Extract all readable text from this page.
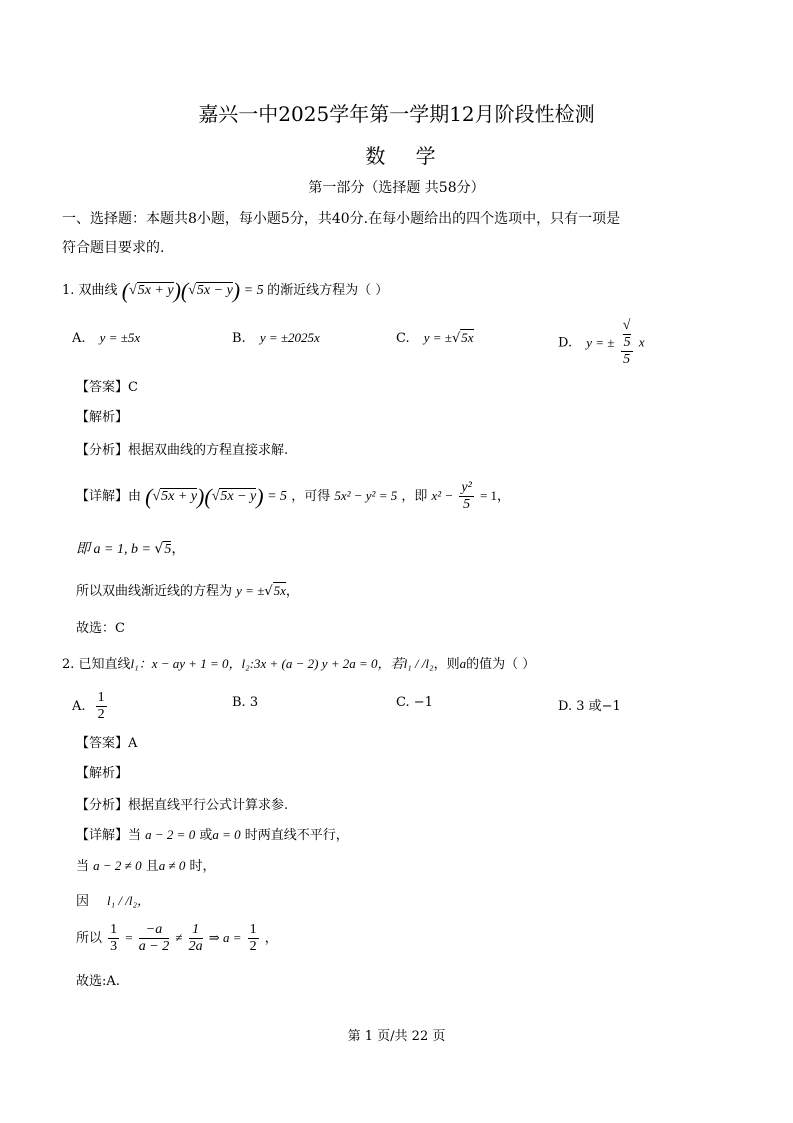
嘉兴一中2025学年第一学期12月阶段性检测
数 学
第一部分（选择题 共58分）
一、选择题：本题共8小题，每小题5分，共40分.在每小题给出的四个选项中，只有一项是
符合题目要求的.
1. 双曲线 (√5x + y)(√5x − y) = 5 的渐近线方程为（ ）
A. y = ±5x	B. y = ±2025x	C. y = ±√5x	D. y = ± √
5
5 x
【答案】C
【解析】
【分析】根据双曲线的方程直接求解.
【详解】由 (√5x + y)(√5x − y) = 5 ，可得 5x² − y² = 5 ，即 $x^2 - \frac{\text{y²}}{5} = 1$，
即 a = 1, b = √5，
所以双曲线渐近线的方程为 y = ±√5x，
故选：C
2. 已知直线l₁：x − ay + 1 = 0，l₂:3x + (a − 2) y + 2a = 0，若l₁ / /l₂，则a的值为（ ）
A. $\frac{1}{2}$	B. 3	C. −1	D. 3 或−1
【答案】A
【解析】
【分析】根据直线平行公式计算求参.
【详解】当 a − 2 = 0 或a = 0 时两直线不平行，
当 a − 2 ≠ 0 且a ≠ 0 时，
因 l₁ / /l₂，
所以 $\frac{1}{3} = \frac{-a}{a - 2} \ne \frac{1}{2a}$ ⇒ $a = \frac{1}{2}$ ，
故选:A.
第 1 页/共 22 页
